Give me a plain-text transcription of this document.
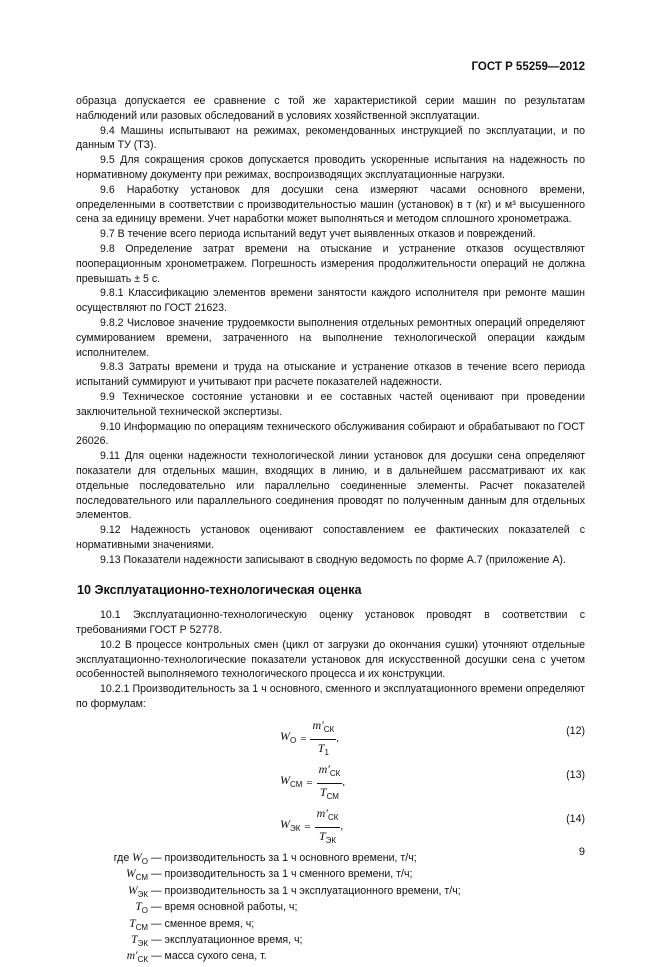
ГОСТ Р 55259—2012
образца допускается ее сравнение с той же характеристикой серии машин по результатам наблюдений или разовых обследований в условиях хозяйственной эксплуатации.
9.4 Машины испытывают на режимах, рекомендованных инструкцией по эксплуатации, и по данным ТУ (ТЗ).
9.5 Для сокращения сроков допускается проводить ускоренные испытания на надежность по нормативному документу при режимах, воспроизводящих эксплуатационные нагрузки.
9.6 Наработку установок для досушки сена измеряют часами основного времени, определенными в соответствии с производительностью машин (установок) в т (кг) и м³ высушенного сена за единицу времени. Учет наработки может выполняться и методом сплошного хронометража.
9.7 В течение всего периода испытаний ведут учет выявленных отказов и повреждений.
9.8 Определение затрат времени на отыскание и устранение отказов осуществляют пооперационным хронометражем. Погрешность измерения продолжительности операций не должна превышать ± 5 с.
9.8.1 Классификацию элементов времени занятости каждого исполнителя при ремонте машин осуществляют по ГОСТ 21623.
9.8.2 Числовое значение трудоемкости выполнения отдельных ремонтных операций определяют суммированием времени, затраченного на выполнение технологической операции каждым исполнителем.
9.8.3 Затраты времени и труда на отыскание и устранение отказов в течение всего периода испытаний суммируют и учитывают при расчете показателей надежности.
9.9 Техническое состояние установки и ее составных частей оценивают при проведении заключительной технической экспертизы.
9.10 Информацию по операциям технического обслуживания собирают и обрабатывают по ГОСТ 26026.
9.11 Для оценки надежности технологической линии установок для досушки сена определяют показатели для отдельных машин, входящих в линию, и в дальнейшем рассматривают их как отдельные последовательно или параллельно соединенные элементы. Расчет показателей последовательного или параллельного соединения проводят по полученным данным для отдельных элементов.
9.12 Надежность установок оценивают сопоставлением ее фактических показателей с нормативными значениями.
9.13 Показатели надежности записывают в сводную ведомость по форме А.7 (приложение А).
10 Эксплуатационно-технологическая оценка
10.1 Эксплуатационно-технологическую оценку установок проводят в соответствии с требованиями ГОСТ Р 52778.
10.2 В процессе контрольных смен (цикл от загрузки до окончания сушки) уточняют отдельные эксплуатационно-технологические показатели установок для искусственной досушки сена с учетом особенностей выполняемого технологического процесса и их конструкции.
10.2.1 Производительность за 1 ч основного, сменного и эксплуатационного времени определяют по формулам:
$W_О = \frac{m'_{СК}}{T_1}$ ,
(12)
$W_{СМ} = \frac{m'_{СК}}{T_{СМ}}$ ,
(13)
$W_{ЭК} = \frac{m'_{СК}}{T_{ЭК}}$ ,
(14)
где $W_О$ — производительность за 1 ч основного времени, т/ч;
$W_{СМ}$ — производительность за 1 ч сменного времени, т/ч;
$W_{ЭК}$ — производительность за 1 ч эксплуатационного времени, т/ч;
$T_О$ — время основной работы, ч;
$T_{СМ}$ — сменное время, ч;
$T_{ЭК}$ — эксплуатационное время, ч;
$m'_{СК}$ — масса сухого сена, т.
9
